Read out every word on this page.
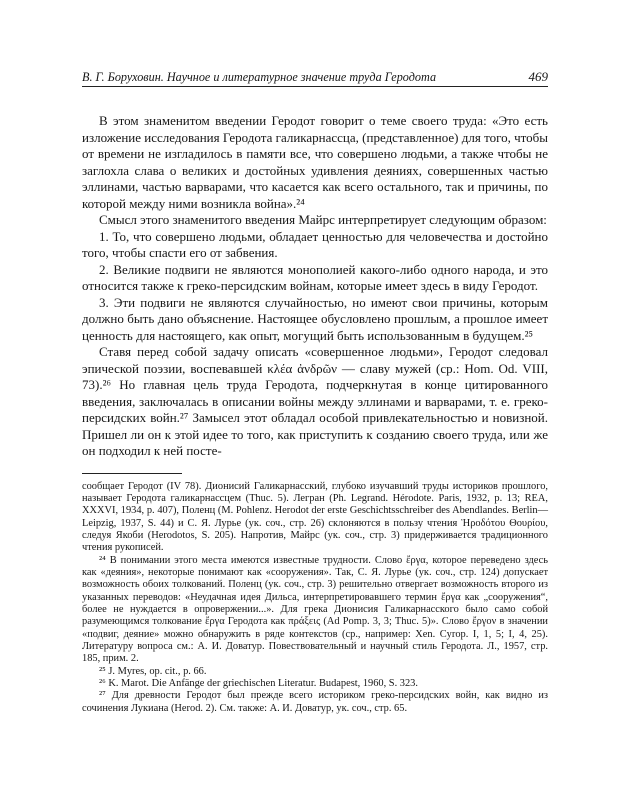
В. Г. Боруховин. Научное и литературное значение труда Геродота	469

В этом знаменитом введении Геродот говорит о теме своего труда: «Это есть изложение исследования Геродота галикарнассца, (представленное) для того, чтобы от времени не изгладилось в памяти все, что совершено людьми, а также чтобы не заглохла слава о великих и достойных удивления деяниях, совершенных частью эллинами, частью варварами, что касается как всего остального, так и причины, по которой между ними возникла война».²⁴

Смысл этого знаменитого введения Майрс интерпретирует следующим образом:

1. То, что совершено людьми, обладает ценностью для человечества и достойно того, чтобы спасти его от забвения.

2. Великие подвиги не являются монополией какого-либо одного народа, и это относится также к греко-персидским войнам, которые имеет здесь в виду Геродот.

3. Эти подвиги не являются случайностью, но имеют свои причины, которым должно быть дано объяснение. Настоящее обусловлено прошлым, а прошлое имеет ценность для настоящего, как опыт, могущий быть использованным в будущем.²⁵

Ставя перед собой задачу описать «совершенное людьми», Геродот следовал эпической поэзии, воспевавшей κλέα ἀνδρῶν — славу мужей (ср.: Hom. Od. VIII, 73).²⁶ Но главная цель труда Геродота, подчеркнутая в конце цитированного введения, заключалась в описании войны между эллинами и варварами, т. е. греко-персидских войн.²⁷ Замысел этот обладал особой привлекательностью и новизной. Пришел ли он к этой идее то того, как приступить к созданию своего труда, или же он подходил к ней посте-

сообщает Геродот (IV 78). Дионисий Галикарнасский, глубоко изучавший труды историков прошлого, называет Геродота галикарнассцем (Thuc. 5). Легран (Ph. Legrand. Hérodote. Paris, 1932, p. 13; REA, XXXVI, 1934, p. 407), Поленц (M. Pohlenz. Herodot der erste Geschichtsschreiber des Abendlandes. Berlin—Leipzig, 1937, S. 44) и С. Я. Лурье (ук. соч., стр. 26) склоняются в пользу чтения Ἡροδότου Θουρίου, следуя Якоби (Herodotos, S. 205). Напротив, Майрс (ук. соч., стр. 3) придерживается традиционного чтения рукописей.

²⁴ В понимании этого места имеются известные трудности. Слово ἔργα, которое переведено здесь как «деяния», некоторые понимают как «сооружения». Так, С. Я. Лурье (ук. соч., стр. 124) допускает возможность обоих толкований. Поленц (ук. соч., стр. 3) решительно отвергает возможность второго из указанных переводов: «Неудачная идея Дильса, интерпретировавшего термин ἔργα как „сооружения“, более не нуждается в опровержении...». Для грека Дионисия Галикарнасского было само собой разумеющимся толкование ἔργα Геродота как πράξεις (Ad Pomp. 3, 3; Thuc. 5)». Слово ἔργον в значении «подвиг, деяние» можно обнаружить в ряде контекстов (ср., например: Xen. Cyrop. I, 1, 5; I, 4, 25). Литературу вопроса см.: А. И. Доватур. Повествовательный и научный стиль Геродота. Л., 1957, стр. 185, прим. 2.

²⁵ J. Myres, op. cit., p. 66.

²⁶ K. Marot. Die Anfänge der griechischen Literatur. Budapest, 1960, S. 323.

²⁷ Для древности Геродот был прежде всего историком греко-персидских войн, как видно из сочинения Лукиана (Herod. 2). См. также: А. И. Доватур, ук. соч., стр. 65.
